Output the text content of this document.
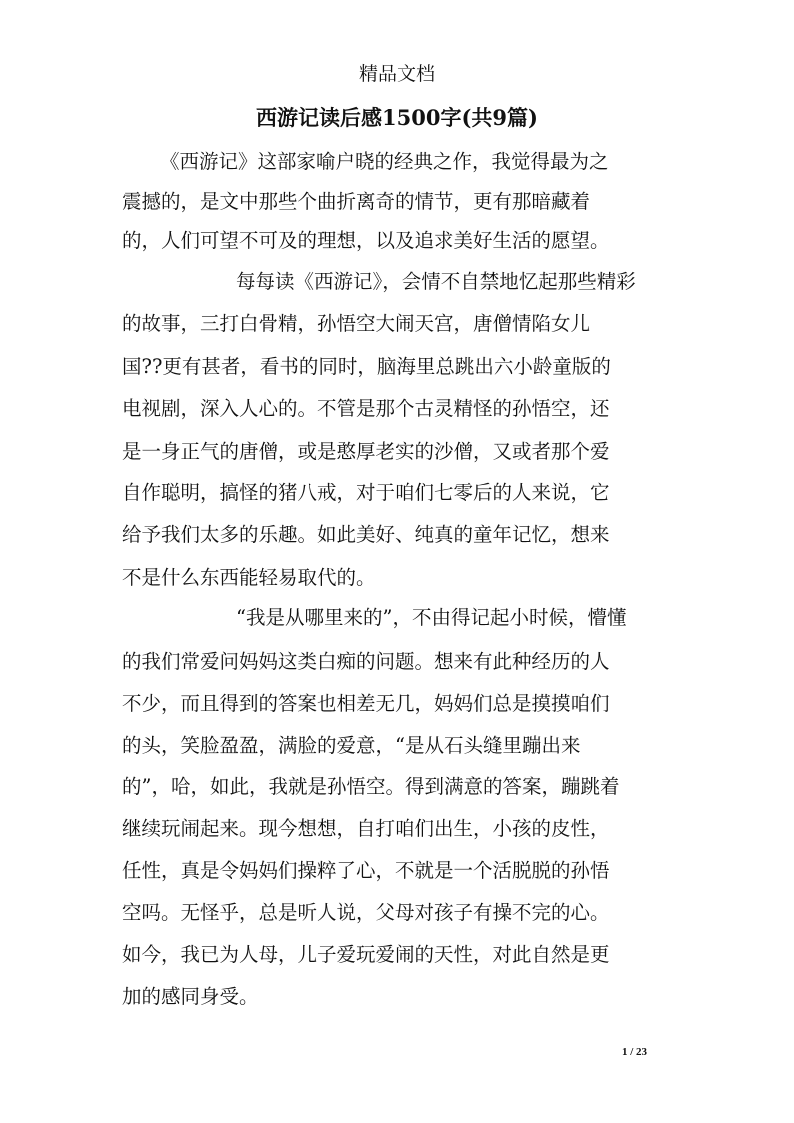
精品文档
西游记读后感1500字(共9篇)
《西游记》这部家喻户晓的经典之作，我觉得最为之
震撼的，是文中那些个曲折离奇的情节，更有那暗藏着
的，人们可望不可及的理想，以及追求美好生活的愿望。
每每读《西游记》，会情不自禁地忆起那些精彩
的故事，三打白骨精，孙悟空大闹天宫，唐僧情陷女儿
国??更有甚者，看书的同时，脑海里总跳出六小龄童版的
电视剧，深入人心的。不管是那个古灵精怪的孙悟空，还
是一身正气的唐僧，或是憨厚老实的沙僧，又或者那个爱
自作聪明，搞怪的猪八戒，对于咱们七零后的人来说，它
给予我们太多的乐趣。如此美好、纯真的童年记忆，想来
不是什么东西能轻易取代的。
“我是从哪里来的”，不由得记起小时候，懵懂
的我们常爱问妈妈这类白痴的问题。想来有此种经历的人
不少，而且得到的答案也相差无几，妈妈们总是摸摸咱们
的头，笑脸盈盈，满脸的爱意，“是从石头缝里蹦出来
的”，哈，如此，我就是孙悟空。得到满意的答案，蹦跳着
继续玩闹起来。现今想想，自打咱们出生，小孩的皮性，
任性，真是令妈妈们操粹了心，不就是一个活脱脱的孙悟
空吗。无怪乎，总是听人说，父母对孩子有操不完的心。
如今，我已为人母，儿子爱玩爱闹的天性，对此自然是更
加的感同身受。
1 / 23
